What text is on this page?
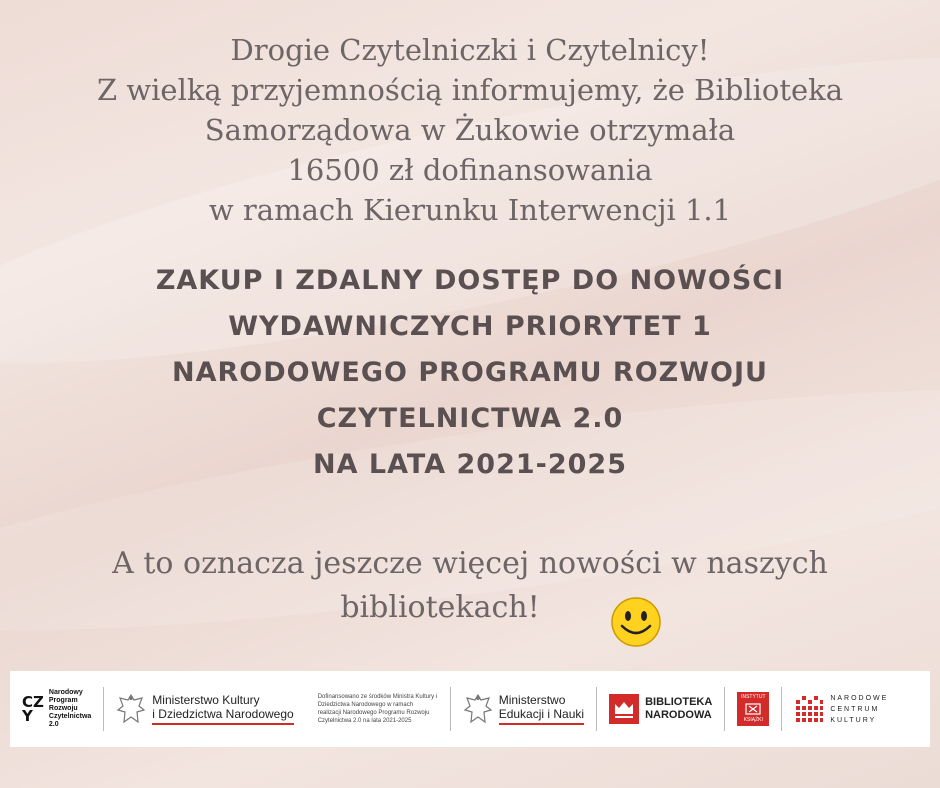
Drogie Czytelniczki i Czytelnicy!
Z wielką przyjemnością informujemy, że Biblioteka
Samorządowa w Żukowie otrzymała
16500 zł dofinansowania
w ramach Kierunku Interwencji 1.1
ZAKUP I ZDALNY DOSTĘP DO NOWOŚCI
WYDAWNICZYCH PRIORYTET 1
NARODOWEGO PROGRAMU ROZWOJU
CZYTELNICTWA 2.0
NA LATA 2021-2025
A to oznacza jeszcze więcej nowości w naszych
bibliotekach!
CZ
Y
Narodowy
Program
Rozwoju
Czytelnictwa
2.0
Ministerstwo Kultury
i Dziedzictwa Narodowego
Dofinansowano ze środków Ministra Kultury i Dziedzictwa Narodowego w ramach realizacji Narodowego Programu Rozwoju Czytelnictwa 2.0 na lata 2021-2025
Ministerstwo
Edukacji i Nauki
BIBLIOTEKA
NARODOWA
INSTYTUT
KSIĄŻKI
NARODOWE
CENTRUM
KULTURY
